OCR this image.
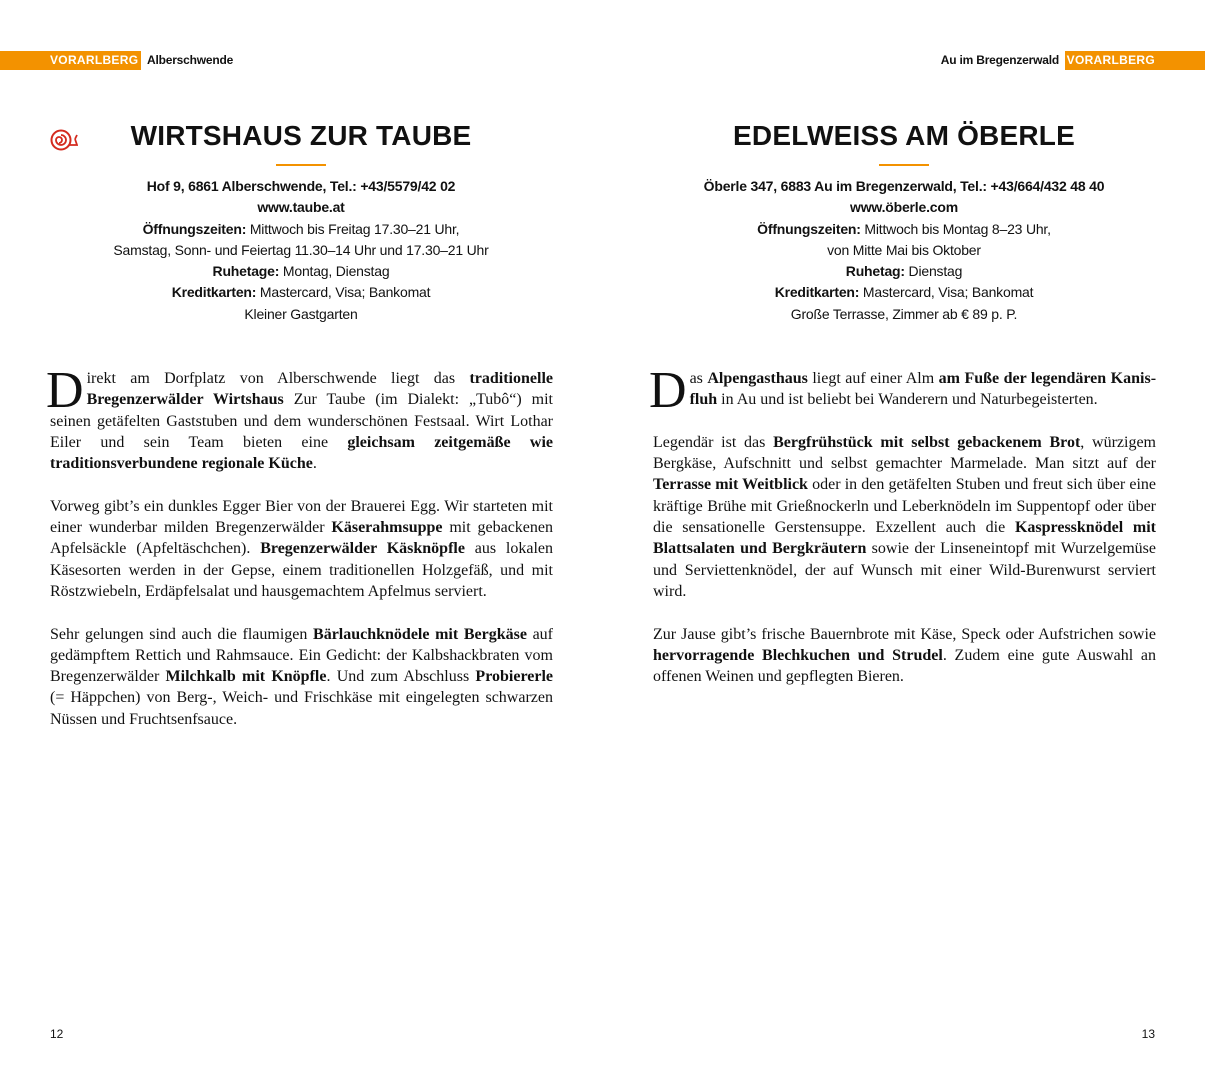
VORARLBERG Alberschwende
WIRTSHAUS ZUR TAUBE
Hof 9, 6861 Alberschwende, Tel.: +43/5579/42 02
www.taube.at
Öffnungszeiten: Mittwoch bis Freitag 17.30–21 Uhr,
Samstag, Sonn- und Feiertag 11.30–14 Uhr und 17.30–21 Uhr
Ruhetage: Montag, Dienstag
Kreditkarten: Mastercard, Visa; Bankomat
Kleiner Gastgarten

Direkt am Dorfplatz von Alberschwende liegt das traditionelle Bregenzerwälder Wirtshaus Zur Taube (im Dialekt: „Tubô“) mit seinen getäfelten Gaststuben und dem wunderschönen Festsaal. Wirt Lothar Eiler und sein Team bieten eine gleichsam zeitgemäße wie traditionsverbundene regionale Küche.

Vorweg gibt’s ein dunkles Egger Bier von der Brauerei Egg. Wir starteten mit einer wunderbar milden Bregenzerwälder Käserahmsuppe mit gebackenen Apfelsäckle (Apfeltäschchen). Bregenzerwälder Käsknöpfle aus lokalen Käsesorten werden in der Gepse, einem traditionellen Holzgefäß, und mit Röstzwiebeln, Erdäpfelsalat und hausgemachtem Apfelmus serviert.

Sehr gelungen sind auch die flaumigen Bärlauchknödele mit Bergkäse auf gedämpftem Rettich und Rahmsauce. Ein Gedicht: der Kalbshackbraten vom Bregenzerwälder Milchkalb mit Knöpfle. Und zum Abschluss Probiererle (= Häppchen) von Berg-, Weich- und Frischkäse mit eingelegten schwarzen Nüssen und Fruchtsenfsauce.

12
Au im Bregenzerwald VORARLBERG
EDELWEISS AM ÖBERLE
Öberle 347, 6883 Au im Bregenzerwald, Tel.: +43/664/432 48 40
www.öberle.com
Öffnungszeiten: Mittwoch bis Montag 8–23 Uhr,
von Mitte Mai bis Oktober
Ruhetag: Dienstag
Kreditkarten: Mastercard, Visa; Bankomat
Große Terrasse, Zimmer ab € 89 p. P.

Das Alpengasthaus liegt auf einer Alm am Fuße der legendären Kanisfluh in Au und ist beliebt bei Wanderern und Naturbegeisterten.

Legendär ist das Bergfrühstück mit selbst gebackenem Brot, würzigem Bergkäse, Aufschnitt und selbst gemachter Marmelade. Man sitzt auf der Terrasse mit Weitblick oder in den getäfelten Stuben und freut sich über eine kräftige Brühe mit Grießnockerln und Leberknödeln im Suppentopf oder über die sensationelle Gerstensuppe. Exzellent auch die Kaspressknödel mit Blattsalaten und Bergkräutern sowie der Linseneintopf mit Wurzelgemüse und Serviettenknödel, der auf Wunsch mit einer Wild-Burenwurst serviert wird.

Zur Jause gibt’s frische Bauernbrote mit Käse, Speck oder Aufstrichen sowie hervorragende Blechkuchen und Strudel. Zudem eine gute Auswahl an offenen Weinen und gepflegten Bieren.

13
